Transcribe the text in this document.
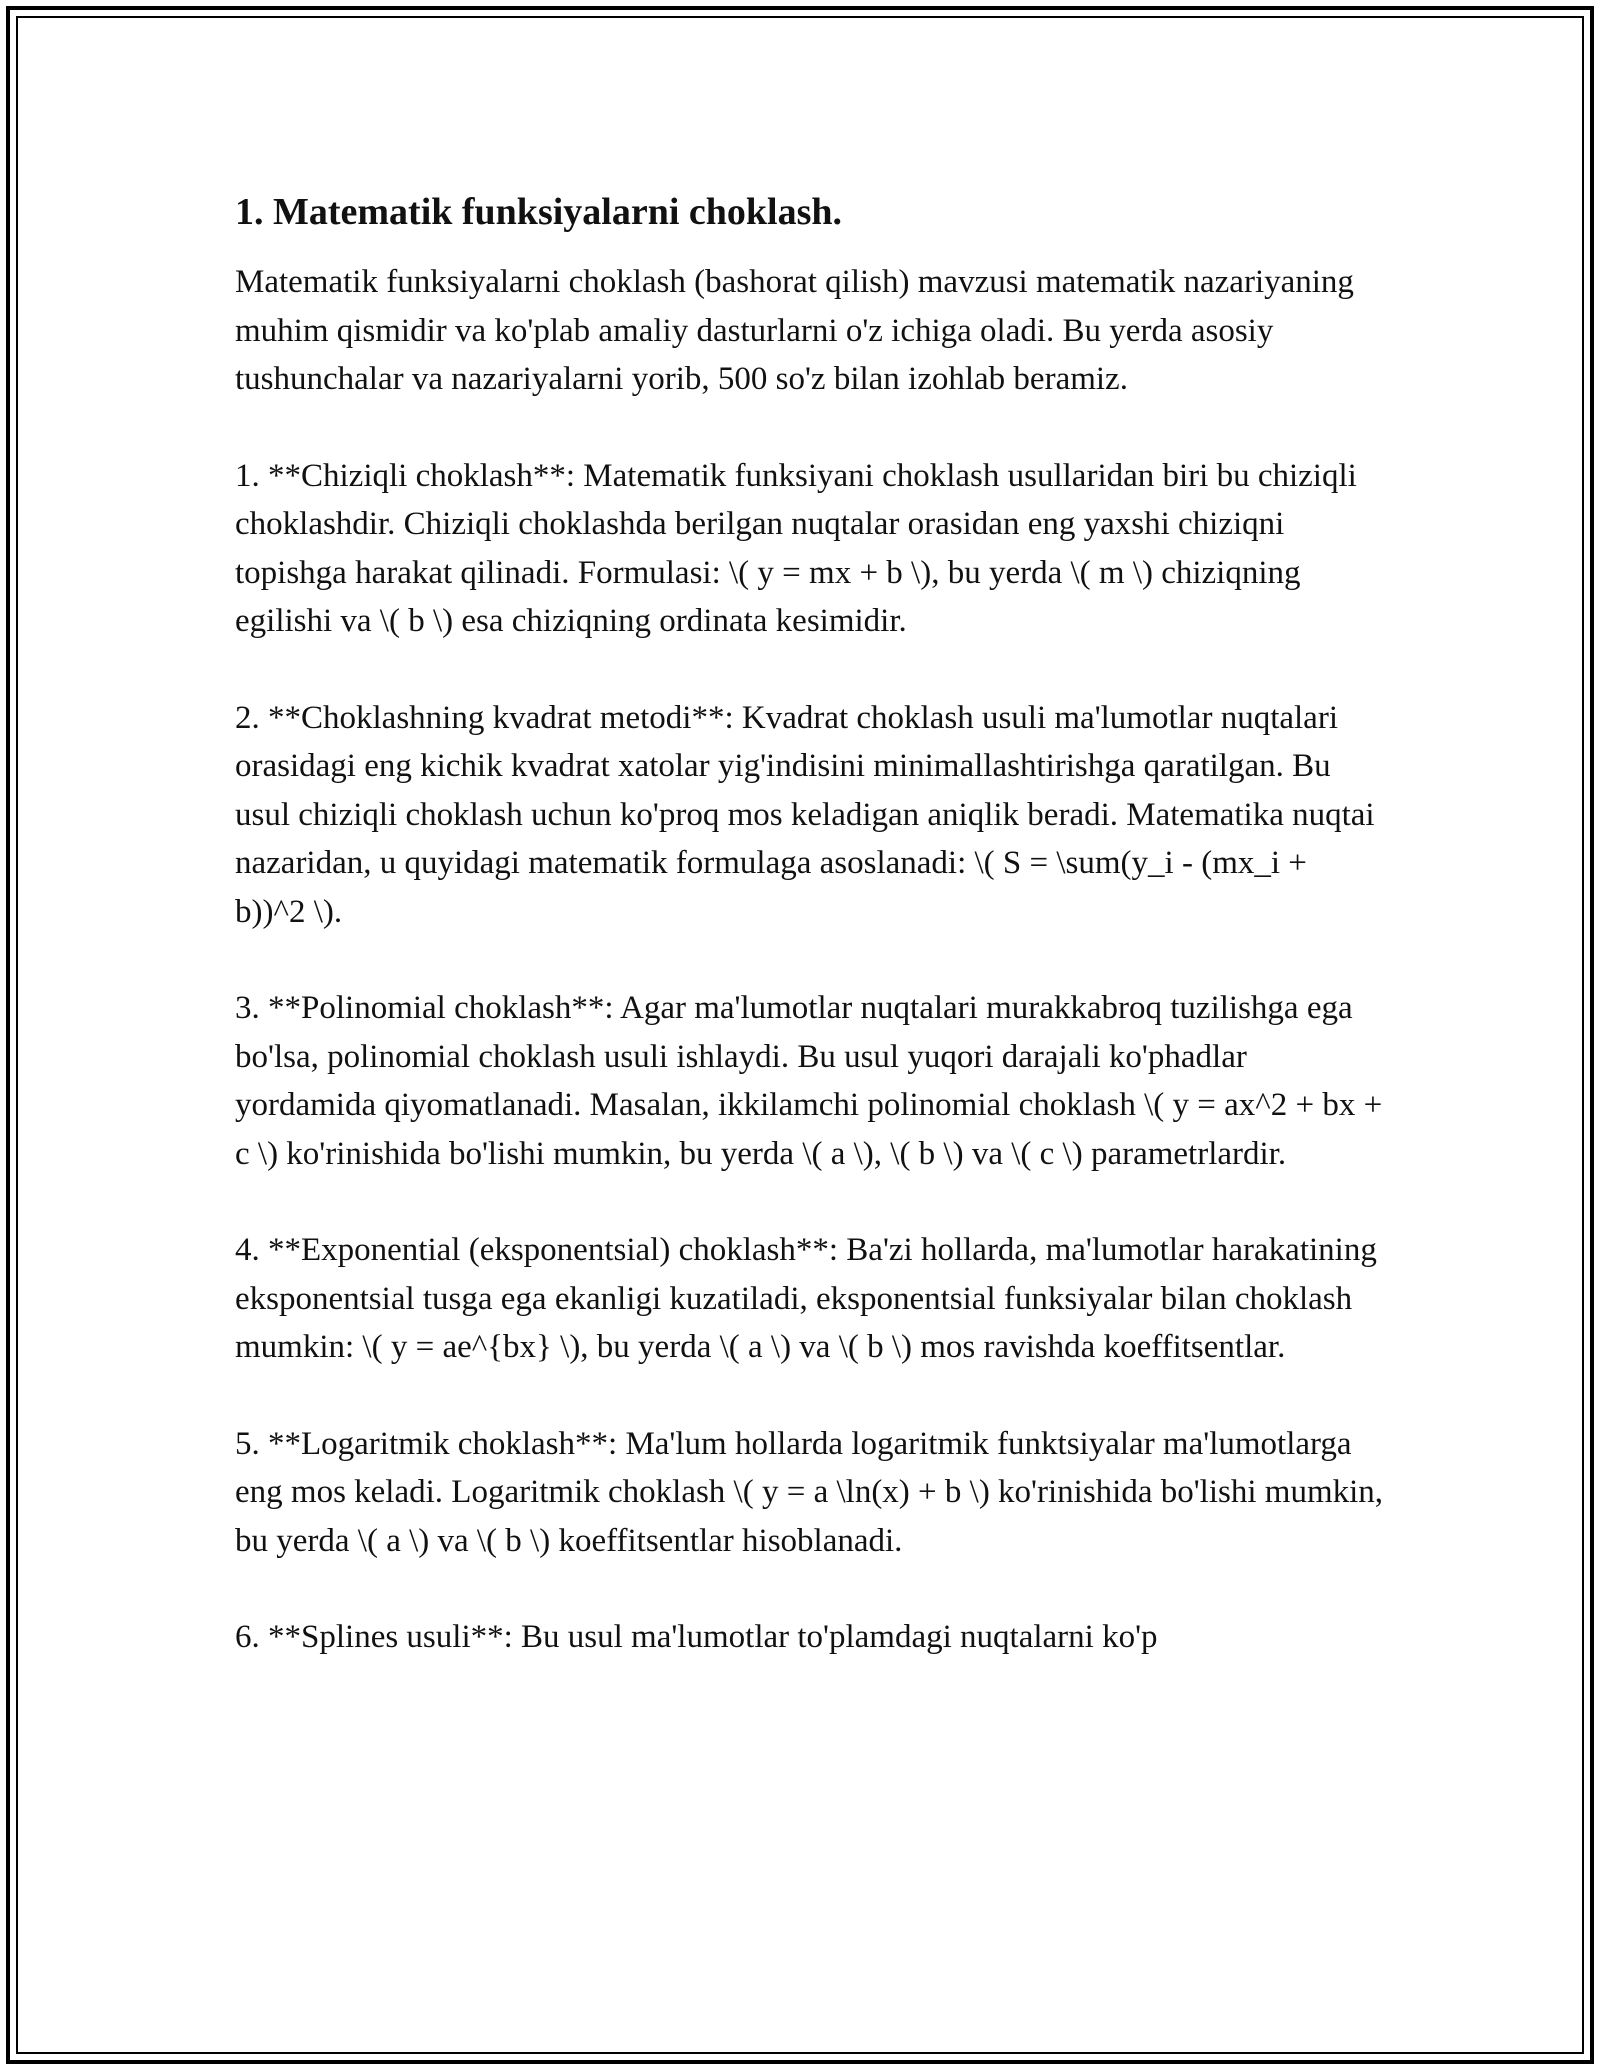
1. Matematik funksiyalarni choklash.

Matematik funksiyalarni choklash (bashorat qilish) mavzusi matematik nazariyaning muhim qismidir va ko'plab amaliy dasturlarni o'z ichiga oladi. Bu yerda asosiy tushunchalar va nazariyalarni yorib, 500 so'z bilan izohlab beramiz.

1. **Chiziqli choklash**: Matematik funksiyani choklash usullaridan biri bu chiziqli choklashdir. Chiziqli choklashda berilgan nuqtalar orasidan eng yaxshi chiziqni topishga harakat qilinadi. Formulasi: \( y = mx + b \), bu yerda \( m \) chiziqning egilishi va \( b \) esa chiziqning ordinata kesimidir.

2. **Choklashning kvadrat metodi**: Kvadrat choklash usuli ma'lumotlar nuqtalari orasidagi eng kichik kvadrat xatolar yig'indisini minimallashtirishga qaratilgan. Bu usul chiziqli choklash uchun ko'proq mos keladigan aniqlik beradi. Matematika nuqtai nazaridan, u quyidagi matematik formulaga asoslanadi: \( S = \sum(y_i - (mx_i + b))^2 \).

3. **Polinomial choklash**: Agar ma'lumotlar nuqtalari murakkabroq tuzilishga ega bo'lsa, polinomial choklash usuli ishlaydi. Bu usul yuqori darajali ko'phadlar yordamida qiyomatlanadi. Masalan, ikkilamchi polinomial choklash \( y = ax^2 + bx + c \) ko'rinishida bo'lishi mumkin, bu yerda \( a \), \( b \) va \( c \) parametrlardir.

4. **Exponential (eksponentsial) choklash**: Ba'zi hollarda, ma'lumotlar harakatining eksponentsial tusga ega ekanligi kuzatiladi, eksponentsial funksiyalar bilan choklash mumkin: \( y = ae^{bx} \), bu yerda \( a \) va \( b \) mos ravishda koeffitsentlar.

5. **Logaritmik choklash**: Ma'lum hollarda logaritmik funktsiyalar ma'lumotlarga eng mos keladi. Logaritmik choklash \( y = a \ln(x) + b \) ko'rinishida bo'lishi mumkin, bu yerda \( a \) va \( b \) koeffitsentlar hisoblanadi.

6. **Splines usuli**: Bu usul ma'lumotlar to'plamdagi nuqtalarni ko'p
